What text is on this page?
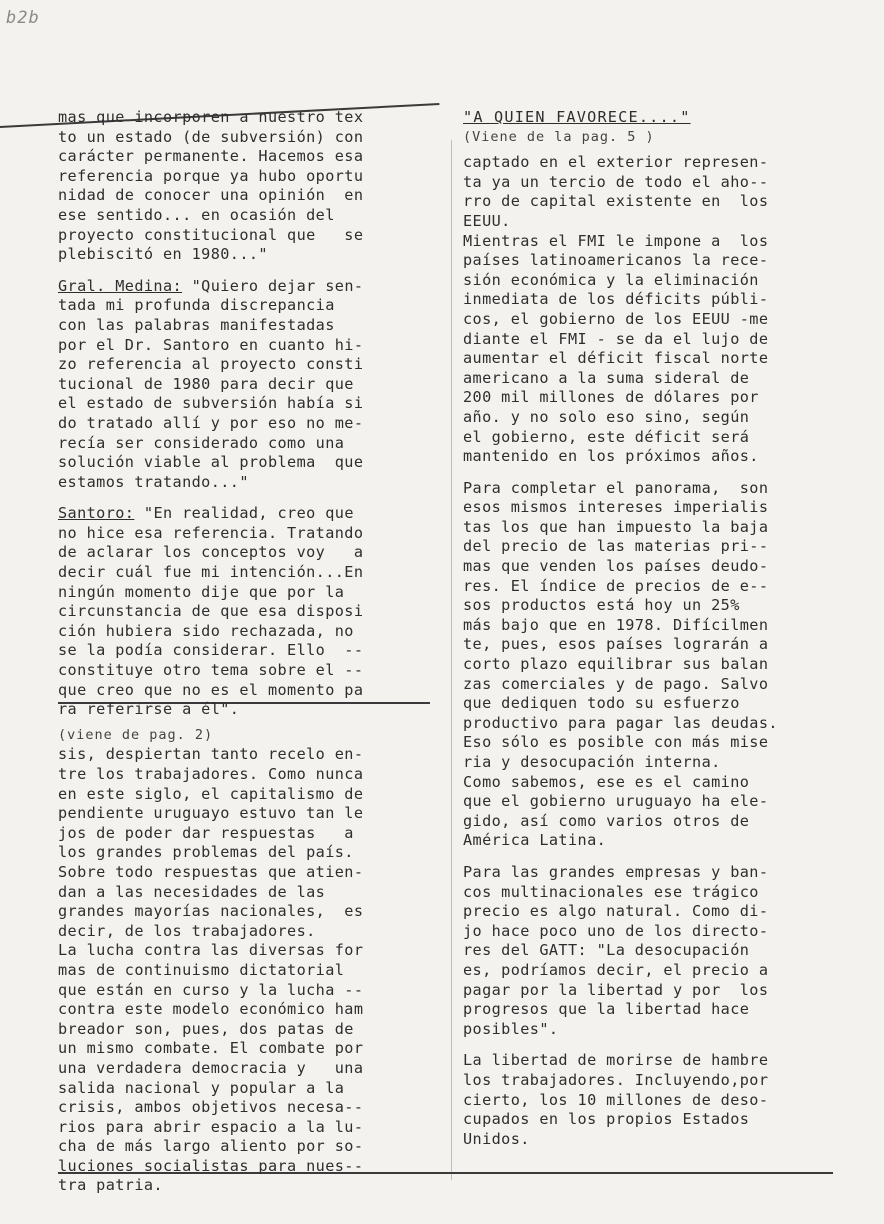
b2b

mas que incorporen a nuestro tex

to un estado (de subversión) con

carácter permanente. Hacemos esa

referencia porque ya hubo oportu

nidad de conocer una opinión  en

ese sentido... en ocasión del

proyecto constitucional que   se

plebiscitó en 1980..."

Gral. Medina: "Quiero dejar sen-

tada mi profunda discrepancia

con las palabras manifestadas

por el Dr. Santoro en cuanto hi-

zo referencia al proyecto consti

tucional de 1980 para decir que

el estado de subversión había si

do tratado allí y por eso no me-

recía ser considerado como una

solución viable al problema  que

estamos tratando..."

Santoro: "En realidad, creo que

no hice esa referencia. Tratando

de aclarar los conceptos voy   a

decir cuál fue mi intención...En

ningún momento dije que por la

circunstancia de que esa disposi

ción hubiera sido rechazada, no

se la podía considerar. Ello  --

constituye otro tema sobre el --

que creo que no es el momento pa

ra referirse a él".

(viene de pag. 2)

sis, despiertan tanto recelo en-

tre los trabajadores. Como nunca

en este siglo, el capitalismo de

pendiente uruguayo estuvo tan le

jos de poder dar respuestas   a

los grandes problemas del país.

Sobre todo respuestas que atien-

dan a las necesidades de las

grandes mayorías nacionales,  es

decir, de los trabajadores.

La lucha contra las diversas for

mas de continuismo dictatorial

que están en curso y la lucha --

contra este modelo económico ham

breador son, pues, dos patas de

un mismo combate. El combate por

una verdadera democracia y   una

salida nacional y popular a la

crisis, ambos objetivos necesa--

rios para abrir espacio a la lu-

cha de más largo aliento por so-

luciones socialistas para nues--

tra patria.

"A QUIEN FAVORECE...."

(Viene de la pag. 5 )

captado en el exterior represen-

ta ya un tercio de todo el aho--

rro de capital existente en  los

EEUU.

Mientras el FMI le impone a  los

países latinoamericanos la rece-

sión económica y la eliminación

inmediata de los déficits públi-

cos, el gobierno de los EEUU -me

diante el FMI - se da el lujo de

aumentar el déficit fiscal norte

americano a la suma sideral de

200 mil millones de dólares por

año. y no solo eso sino, según

el gobierno, este déficit será

mantenido en los próximos años.

Para completar el panorama,  son

esos mismos intereses imperialis

tas los que han impuesto la baja

del precio de las materias pri--

mas que venden los países deudo-

res. El índice de precios de e--

sos productos está hoy un 25%

más bajo que en 1978. Difícilmen

te, pues, esos países lograrán a

corto plazo equilibrar sus balan

zas comerciales y de pago. Salvo

que dediquen todo su esfuerzo

productivo para pagar las deudas.

Eso sólo es posible con más mise

ria y desocupación interna.

Como sabemos, ese es el camino

que el gobierno uruguayo ha ele-

gido, así como varios otros de

América Latina.

Para las grandes empresas y ban-

cos multinacionales ese trágico

precio es algo natural. Como di-

jo hace poco uno de los directo-

res del GATT: "La desocupación

es, podríamos decir, el precio a

pagar por la libertad y por  los

progresos que la libertad hace

posibles".

La libertad de morirse de hambre

los trabajadores. Incluyendo,por

cierto, los 10 millones de deso-

cupados en los propios Estados

Unidos.
